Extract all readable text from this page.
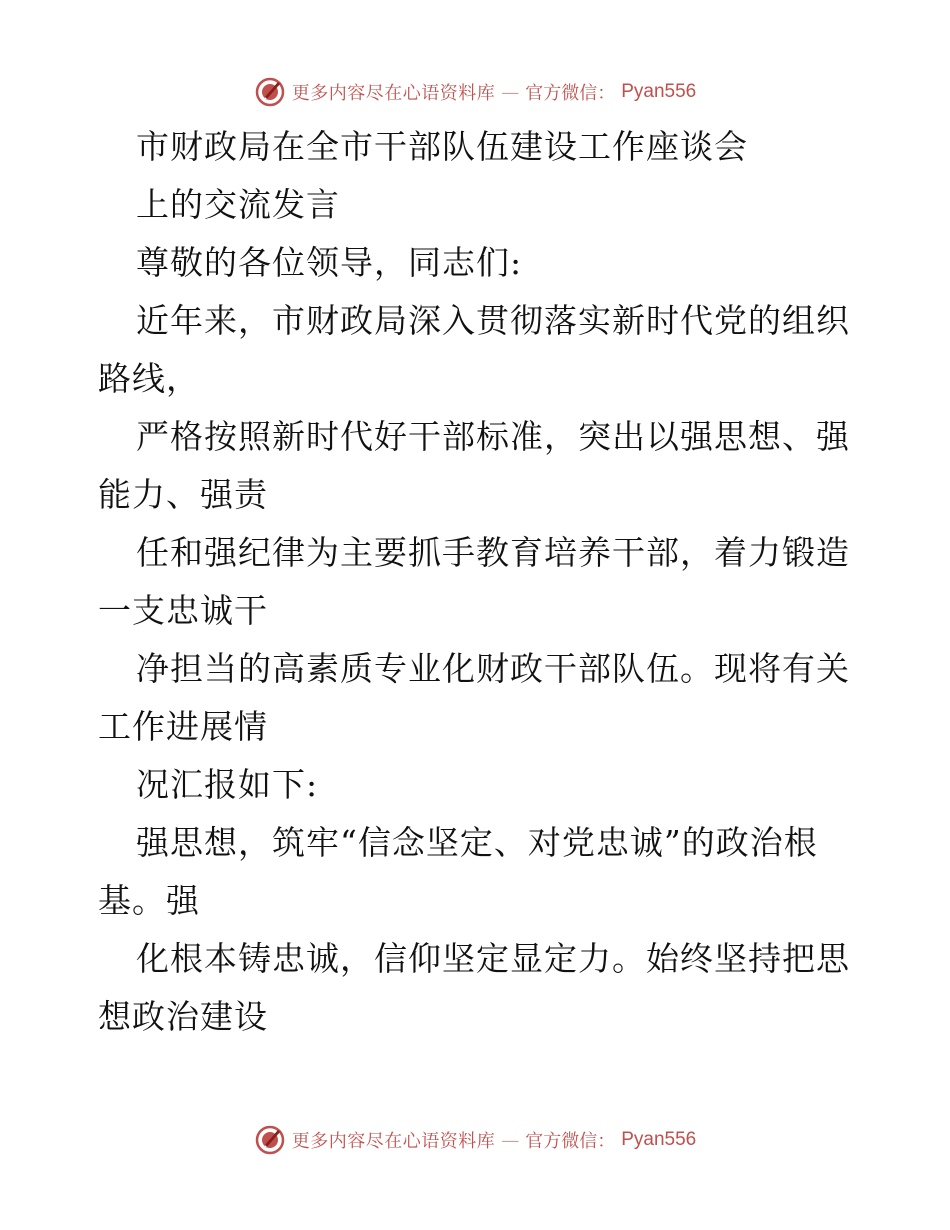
更多内容尽在心语资料库 — 官方微信： Pyan556
市财政局在全市干部队伍建设工作座谈会
上的交流发言
尊敬的各位领导，同志们:
近年来，市财政局深入贯彻落实新时代党的组织
路线，
严格按照新时代好干部标准，突出以强思想、强
能力、强责
任和强纪律为主要抓手教育培养干部，着力锻造
一支忠诚干
净担当的高素质专业化财政干部队伍。现将有关
工作进展情
况汇报如下:
强思想，筑牢“信念坚定、对党忠诚”的政治根
基。强
化根本铸忠诚，信仰坚定显定力。始终坚持把思
想政治建设
更多内容尽在心语资料库 — 官方微信： Pyan556
